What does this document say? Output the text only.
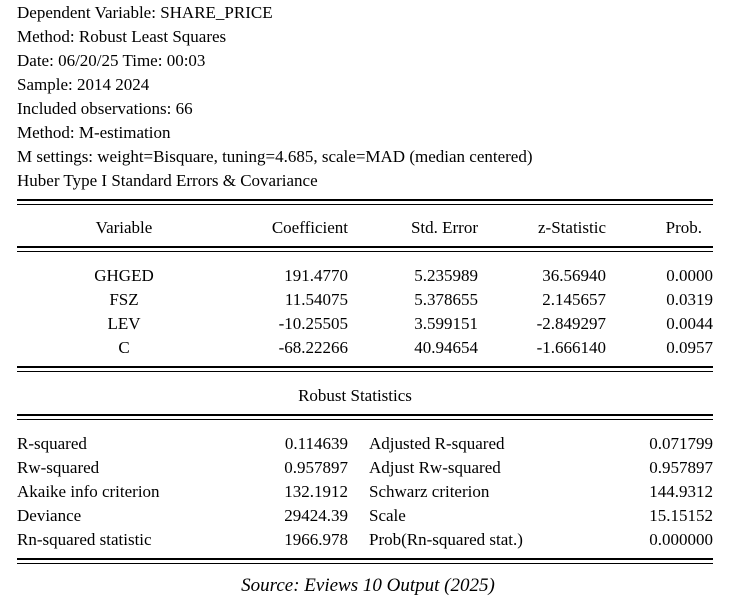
Dependent Variable: SHARE_PRICE
Method: Robust Least Squares
Date: 06/20/25 Time: 00:03
Sample: 2014 2024
Included observations: 66
Method: M-estimation
M settings: weight=Bisquare, tuning=4.685, scale=MAD (median centered)
Huber Type I Standard Errors & Covariance
Variable	Coefficient	Std. Error	z-Statistic	Prob.
GHGED	191.4770	5.235989	36.56940	0.0000
FSZ	11.54075	5.378655	2.145657	0.0319
LEV	-10.25505	3.599151	-2.849297	0.0044
C	-68.22266	40.94654	-1.666140	0.0957
Robust Statistics
R-squared	0.114639 Adjusted R-squared	0.071799
Rw-squared	0.957897 Adjust Rw-squared	0.957897
Akaike info criterion	132.1912 Schwarz criterion	144.9312
Deviance	29424.39 Scale	15.15152
Rn-squared statistic	1966.978 Prob(Rn-squared stat.)	0.000000
Source: Eviews 10 Output (2025)
